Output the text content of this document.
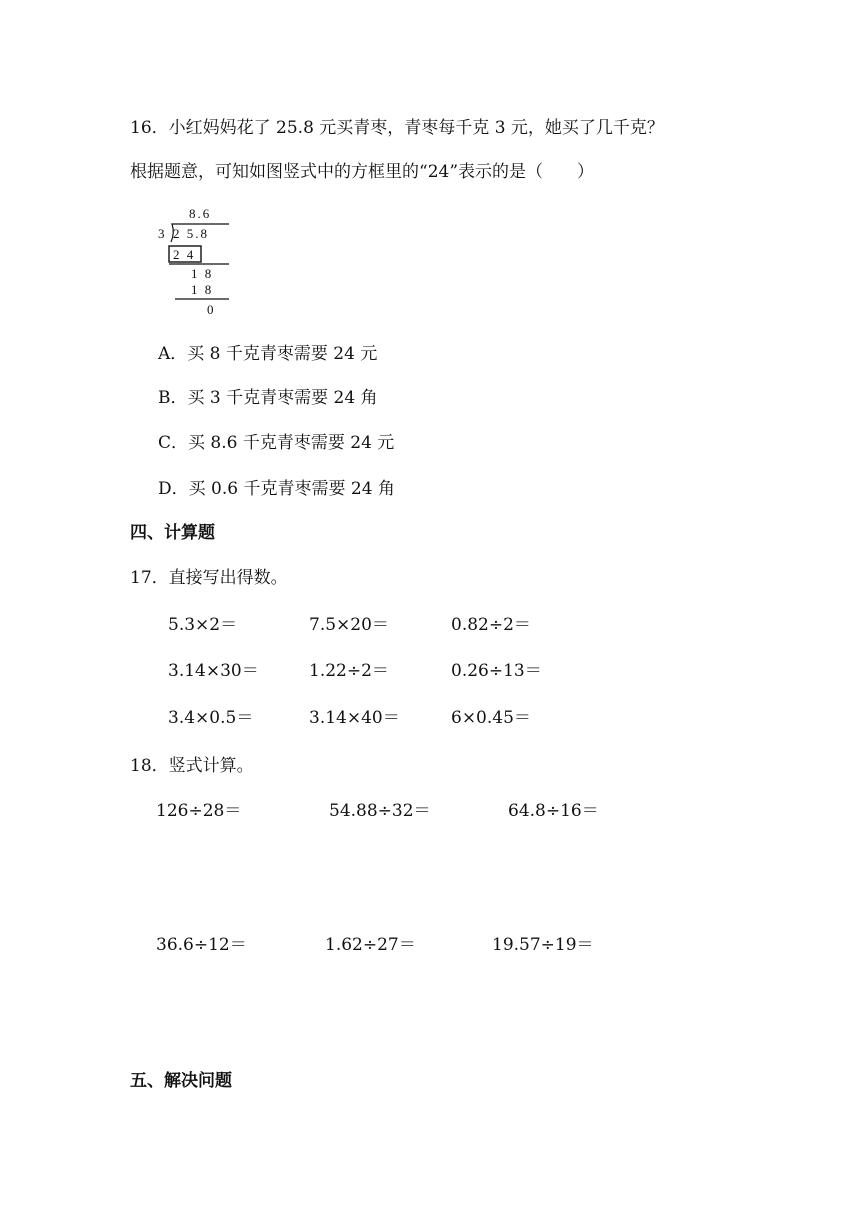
16．小红妈妈花了 25.8 元买青枣，青枣每千克 3 元，她买了几千克？
根据题意，可知如图竖式中的方框里的“24”表示的是（　　）
8.6
3 2 5.8
2 4
1 8
1 8
0
A．买 8 千克青枣需要 24 元
B．买 3 千克青枣需要 24 角
C．买 8.6 千克青枣需要 24 元
D．买 0.6 千克青枣需要 24 角
四、计算题
17．直接写出得数。
5.3×2＝	7.5×20＝	0.82÷2＝
3.14×30＝	1.22÷2＝	0.26÷13＝
3.4×0.5＝	3.14×40＝	6×0.45＝
18．竖式计算。
126÷28＝	54.88÷32＝	64.8÷16＝
36.6÷12＝	1.62÷27＝	19.57÷19＝
五、解决问题
